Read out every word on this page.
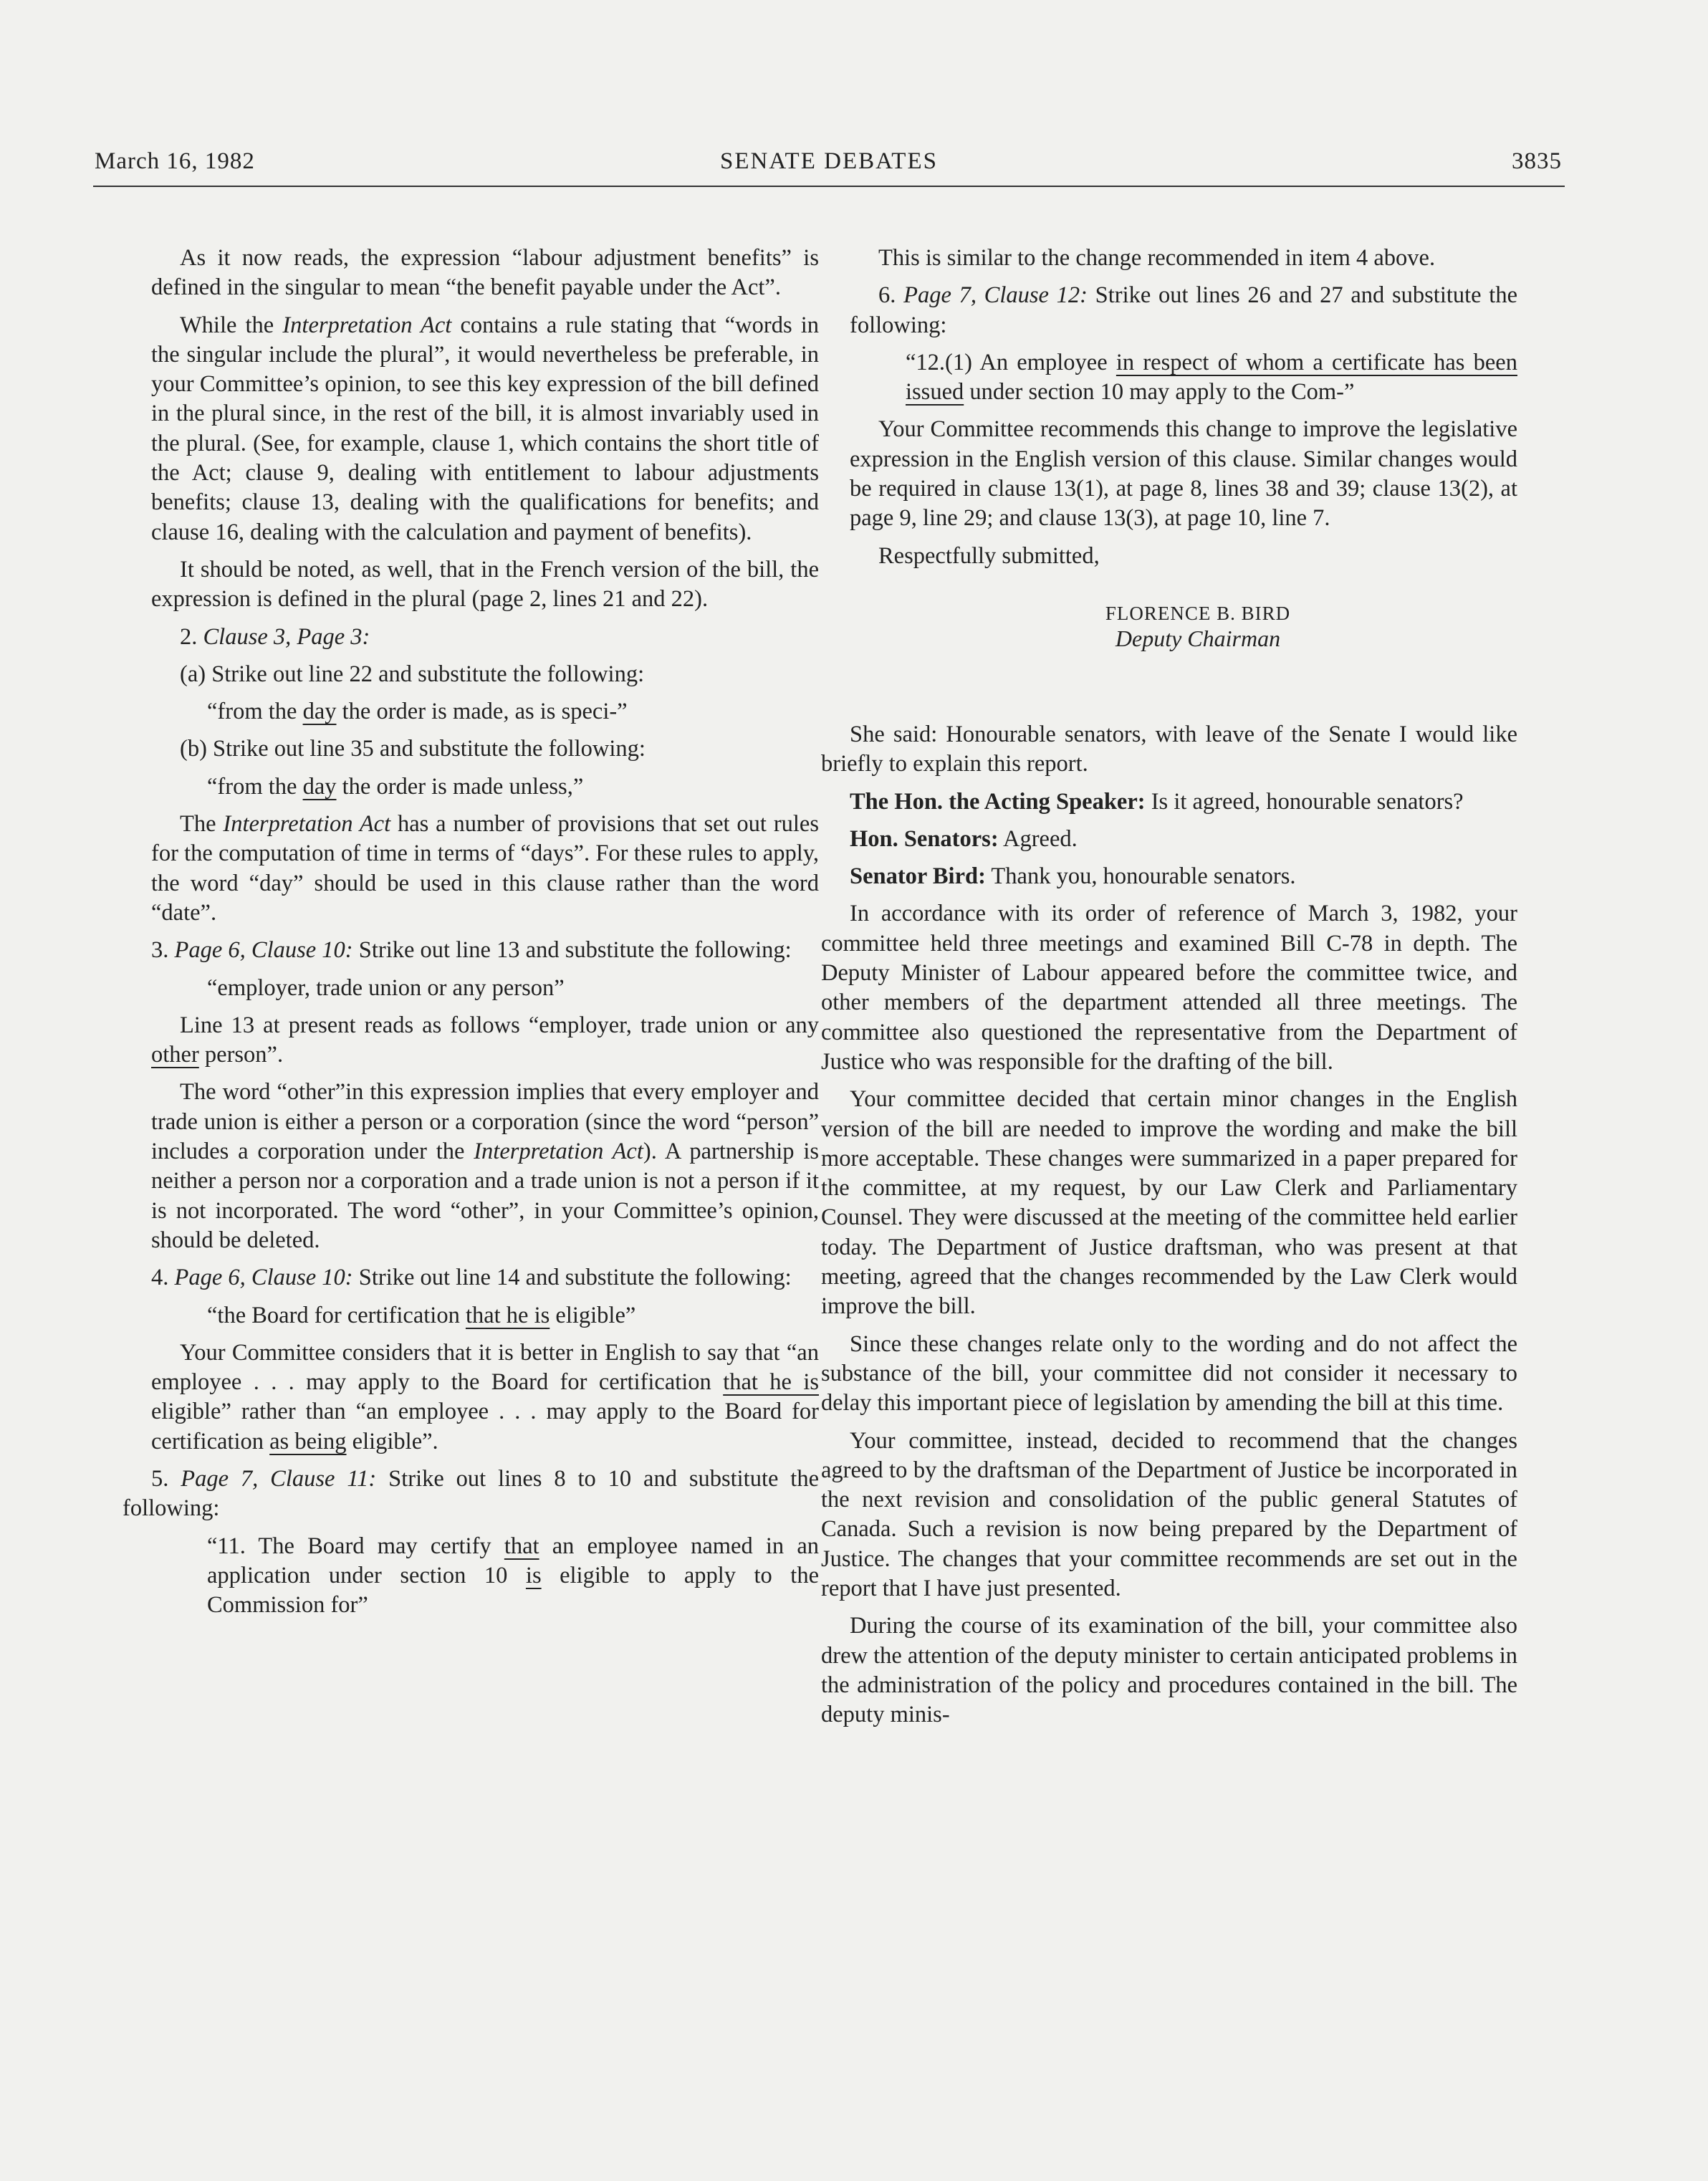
March 16, 1982	SENATE DEBATES	3835

As it now reads, the expression “labour adjustment benefits” is defined in the singular to mean “the benefit payable under the Act”.

While the Interpretation Act contains a rule stating that “words in the singular include the plural”, it would nevertheless be preferable, in your Committee’s opinion, to see this key expression of the bill defined in the plural since, in the rest of the bill, it is almost invariably used in the plural. (See, for example, clause 1, which contains the short title of the Act; clause 9, dealing with entitlement to labour adjustments benefits; clause 13, dealing with the qualifications for benefits; and clause 16, dealing with the calculation and payment of benefits).

It should be noted, as well, that in the French version of the bill, the expression is defined in the plural (page 2, lines 21 and 22).

2. Clause 3, Page 3:

(a) Strike out line 22 and substitute the following:

“from the day the order is made, as is speci-”

(b) Strike out line 35 and substitute the following:

“from the day the order is made unless,”

The Interpretation Act has a number of provisions that set out rules for the computation of time in terms of “days”. For these rules to apply, the word “day” should be used in this clause rather than the word “date”.

3. Page 6, Clause 10: Strike out line 13 and substitute the following:

“employer, trade union or any person”

Line 13 at present reads as follows “employer, trade union or any other person”.

The word “other”in this expression implies that every employer and trade union is either a person or a corporation (since the word “person” includes a corporation under the Interpretation Act). A partnership is neither a person nor a corporation and a trade union is not a person if it is not incorporated. The word “other”, in your Committee’s opinion, should be deleted.

4. Page 6, Clause 10: Strike out line 14 and substitute the following:

“the Board for certification that he is eligible”

Your Committee considers that it is better in English to say that “an employee . . . may apply to the Board for certification that he is eligible” rather than “an employee . . . may apply to the Board for certification as being eligible”.

5. Page 7, Clause 11: Strike out lines 8 to 10 and substitute the following:

“11. The Board may certify that an employee named in an application under section 10 is eligible to apply to the Commission for”

This is similar to the change recommended in item 4 above.

6. Page 7, Clause 12: Strike out lines 26 and 27 and substitute the following:

“12.(1) An employee in respect of whom a certificate has been issued under section 10 may apply to the Com-”

Your Committee recommends this change to improve the legislative expression in the English version of this clause. Similar changes would be required in clause 13(1), at page 8, lines 38 and 39; clause 13(2), at page 9, line 29; and clause 13(3), at page 10, line 7.

Respectfully submitted,

FLORENCE B. BIRD
Deputy Chairman

She said: Honourable senators, with leave of the Senate I would like briefly to explain this report.

The Hon. the Acting Speaker: Is it agreed, honourable senators?

Hon. Senators: Agreed.

Senator Bird: Thank you, honourable senators.

In accordance with its order of reference of March 3, 1982, your committee held three meetings and examined Bill C-78 in depth. The Deputy Minister of Labour appeared before the committee twice, and other members of the department attended all three meetings. The committee also questioned the representative from the Department of Justice who was responsible for the drafting of the bill.

Your committee decided that certain minor changes in the English version of the bill are needed to improve the wording and make the bill more acceptable. These changes were summarized in a paper prepared for the committee, at my request, by our Law Clerk and Parliamentary Counsel. They were discussed at the meeting of the committee held earlier today. The Department of Justice draftsman, who was present at that meeting, agreed that the changes recommended by the Law Clerk would improve the bill.

Since these changes relate only to the wording and do not affect the substance of the bill, your committee did not consider it necessary to delay this important piece of legislation by amending the bill at this time.

Your committee, instead, decided to recommend that the changes agreed to by the draftsman of the Department of Justice be incorporated in the next revision and consolidation of the public general Statutes of Canada. Such a revision is now being prepared by the Department of Justice. The changes that your committee recommends are set out in the report that I have just presented.

During the course of its examination of the bill, your committee also drew the attention of the deputy minister to certain anticipated problems in the administration of the policy and procedures contained in the bill. The deputy minis-
